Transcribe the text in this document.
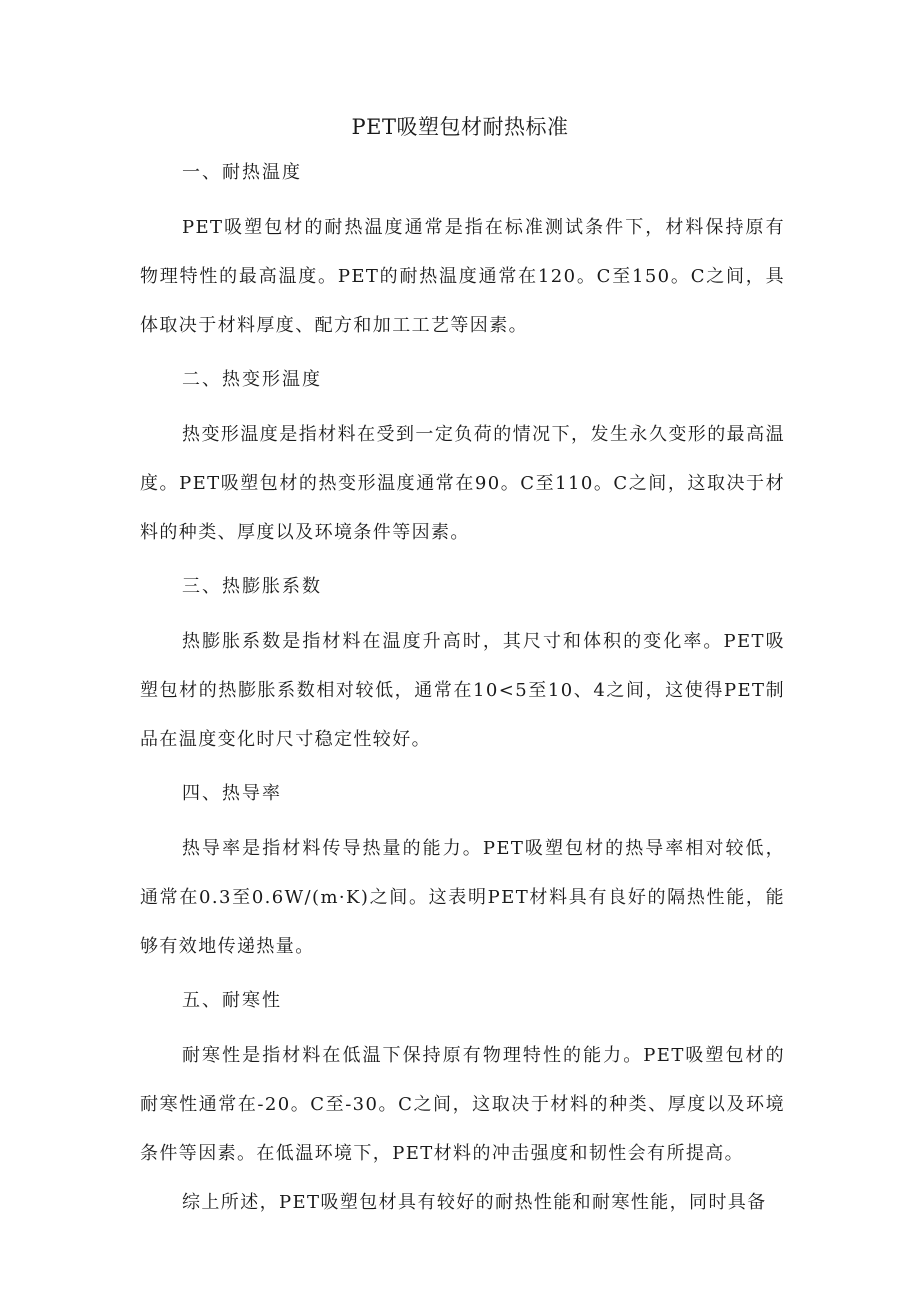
PET吸塑包材耐热标准
一、耐热温度

PET吸塑包材的耐热温度通常是指在标准测试条件下，材料保持原有物理特性的最高温度。PET的耐热温度通常在120。C至150。C之间，具体取决于材料厚度、配方和加工工艺等因素。

二、热变形温度

热变形温度是指材料在受到一定负荷的情况下，发生永久变形的最高温度。PET吸塑包材的热变形温度通常在90。C至110。C之间，这取决于材料的种类、厚度以及环境条件等因素。

三、热膨胀系数

热膨胀系数是指材料在温度升高时，其尺寸和体积的变化率。PET吸塑包材的热膨胀系数相对较低，通常在10<5至10、4之间，这使得PET制品在温度变化时尺寸稳定性较好。

四、热导率

热导率是指材料传导热量的能力。PET吸塑包材的热导率相对较低，通常在0.3至0.6W/(m·K)之间。这表明PET材料具有良好的隔热性能，能够有效地传递热量。

五、耐寒性

耐寒性是指材料在低温下保持原有物理特性的能力。PET吸塑包材的耐寒性通常在-20。C至-30。C之间，这取决于材料的种类、厚度以及环境条件等因素。在低温环境下，PET材料的冲击强度和韧性会有所提高。

综上所述，PET吸塑包材具有较好的耐热性能和耐寒性能，同时具备
